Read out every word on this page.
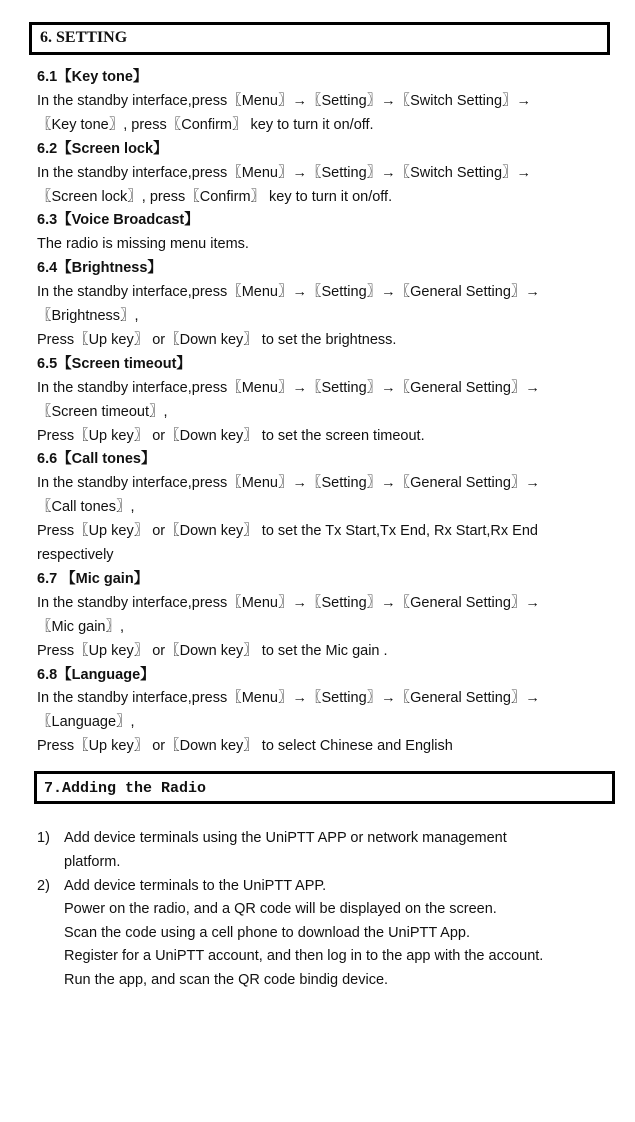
6. SETTING
6.1【Key tone】
In the standby interface,press〖Menu〗→〖Setting〗→〖Switch Setting〗→
〖Key tone〗, press〖Confirm〗 key to turn it on/off.
6.2【Screen lock】
In the standby interface,press〖Menu〗→〖Setting〗→〖Switch Setting〗→
〖Screen lock〗, press〖Confirm〗 key to turn it on/off.
6.3【Voice Broadcast】
The radio is missing menu items.
6.4【Brightness】
In the standby interface,press〖Menu〗→〖Setting〗→〖General Setting〗→
〖Brightness〗,
Press〖Up key〗 or〖Down key〗 to set the brightness.
6.5【Screen timeout】
In the standby interface,press〖Menu〗→〖Setting〗→〖General Setting〗→
〖Screen timeout〗,
Press〖Up key〗 or〖Down key〗 to set the screen timeout.
6.6【Call tones】
In the standby interface,press〖Menu〗→〖Setting〗→〖General Setting〗→
〖Call tones〗,
Press〖Up key〗 or〖Down key〗 to set the Tx Start,Tx End, Rx Start,Rx End
respectively
6.7 【Mic gain】
In the standby interface,press〖Menu〗→〖Setting〗→〖General Setting〗→
〖Mic gain〗,
Press〖Up key〗 or〖Down key〗 to set the Mic gain .
6.8【Language】
In the standby interface,press〖Menu〗→〖Setting〗→〖General Setting〗→
〖Language〗,
Press〖Up key〗 or〖Down key〗 to select Chinese and English
7.Adding the Radio
1) Add device terminals using the UniPTT APP or network management
platform.
2) Add device terminals to the UniPTT APP.
Power on the radio, and a QR code will be displayed on the screen.
Scan the code using a cell phone to download the UniPTT App.
Register for a UniPTT account, and then log in to the app with the account.
Run the app, and scan the QR code bindig device.
